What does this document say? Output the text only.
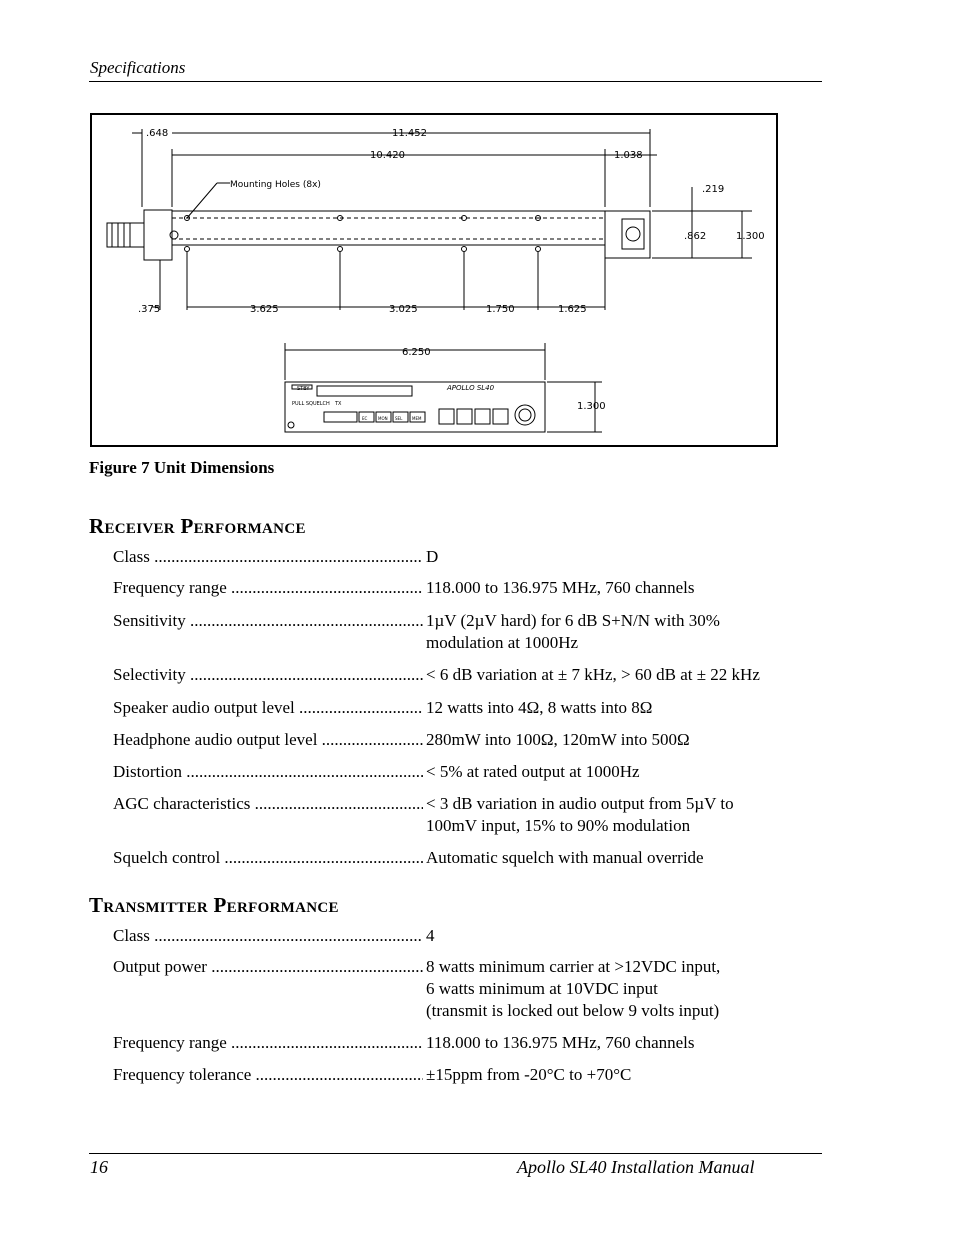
Specifications
.648	11.452
10.420	1.038
.219
.862	1.300
.375	3.625	3.025	1.750	1.625
6.250
1.300
Mounting Holes (8x)
APOLLO SL40
STBY
PULL SQUELCH TX
EC	MON SEL MEM
Figure 7 Unit Dimensions
Receiver Performance
Class .....	D
Frequency range .....	118.000 to 136.975 MHz, 760 channels
Sensitivity .....	1µV (2µV hard) for 6 dB S+N/N with 30%
modulation at 1000Hz
Selectivity .....	< 6 dB variation at ± 7 kHz, > 60 dB at ± 22 kHz
Speaker audio output level .....	12 watts into 4Ω, 8 watts into 8Ω
Headphone audio output level .....	280mW into 100Ω, 120mW into 500Ω
Distortion .....	< 5% at rated output at 1000Hz
AGC characteristics .....	< 3 dB variation in audio output from 5µV to
100mV input, 15% to 90% modulation
Squelch control .....	Automatic squelch with manual override
Transmitter Performance
Class .....	4
Output power .....	8 watts minimum carrier at >12VDC input,
6 watts minimum at 10VDC input
(transmit is locked out below 9 volts input)
Frequency range .....	118.000 to 136.975 MHz, 760 channels
Frequency tolerance .....	±15ppm from -20°C to +70°C
16	Apollo SL40 Installation Manual
